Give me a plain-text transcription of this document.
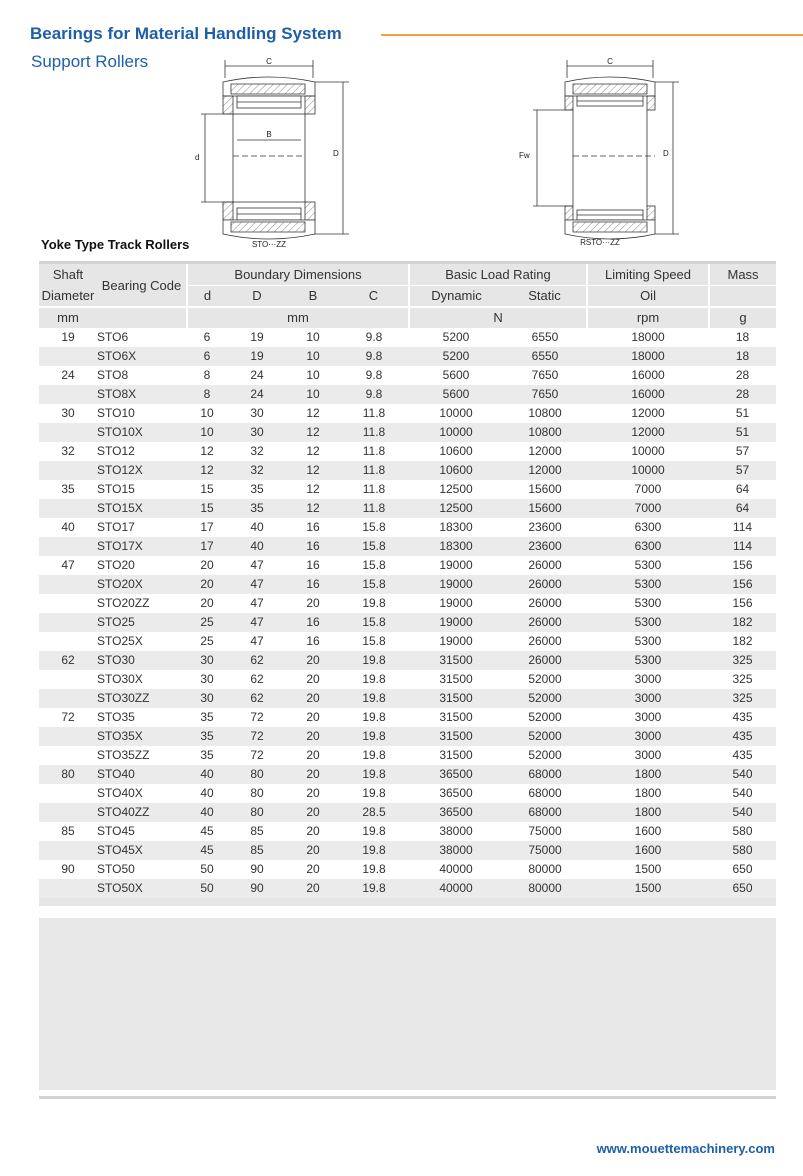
Bearings for Material Handling System
Support Rollers	C
B
d	D
STO···ZZ
C
Fw	D
RSTO···ZZ
Yoke Type Track Rollers
Shaft Diameter	Bearing Code	Boundary Dimensions				Basic Load Rating		Limiting Speed	Mass
		d	D	B	C	Dynamic	Static	Oil	
mm		mm				N		rpm	g
19	STO6	6	19	10	9.8	5200	6550	18000	18
	STO6X	6	19	10	9.8	5200	6550	18000	18
24	STO8	8	24	10	9.8	5600	7650	16000	28
	STO8X	8	24	10	9.8	5600	7650	16000	28
30	STO10	10	30	12	11.8	10000	10800	12000	51
	STO10X	10	30	12	11.8	10000	10800	12000	51
32	STO12	12	32	12	11.8	10600	12000	10000	57
	STO12X	12	32	12	11.8	10600	12000	10000	57
35	STO15	15	35	12	11.8	12500	15600	7000	64
	STO15X	15	35	12	11.8	12500	15600	7000	64
40	STO17	17	40	16	15.8	18300	23600	6300	114
	STO17X	17	40	16	15.8	18300	23600	6300	114
47	STO20	20	47	16	15.8	19000	26000	5300	156
	STO20X	20	47	16	15.8	19000	26000	5300	156
	STO20ZZ	20	47	20	19.8	19000	26000	5300	156
	STO25	25	47	16	15.8	19000	26000	5300	182
	STO25X	25	47	16	15.8	19000	26000	5300	182
62	STO30	30	62	20	19.8	31500	26000	5300	325
	STO30X	30	62	20	19.8	31500	52000	3000	325
	STO30ZZ	30	62	20	19.8	31500	52000	3000	325
72	STO35	35	72	20	19.8	31500	52000	3000	435
	STO35X	35	72	20	19.8	31500	52000	3000	435
	STO35ZZ	35	72	20	19.8	31500	52000	3000	435
80	STO40	40	80	20	19.8	36500	68000	1800	540
	STO40X	40	80	20	19.8	36500	68000	1800	540
	STO40ZZ	40	80	20	28.5	36500	68000	1800	540
85	STO45	45	85	20	19.8	38000	75000	1600	580
	STO45X	45	85	20	19.8	38000	75000	1600	580
90	STO50	50	90	20	19.8	40000	80000	1500	650
	STO50X	50	90	20	19.8	40000	80000	1500	650

www.mouettemachinery.com
